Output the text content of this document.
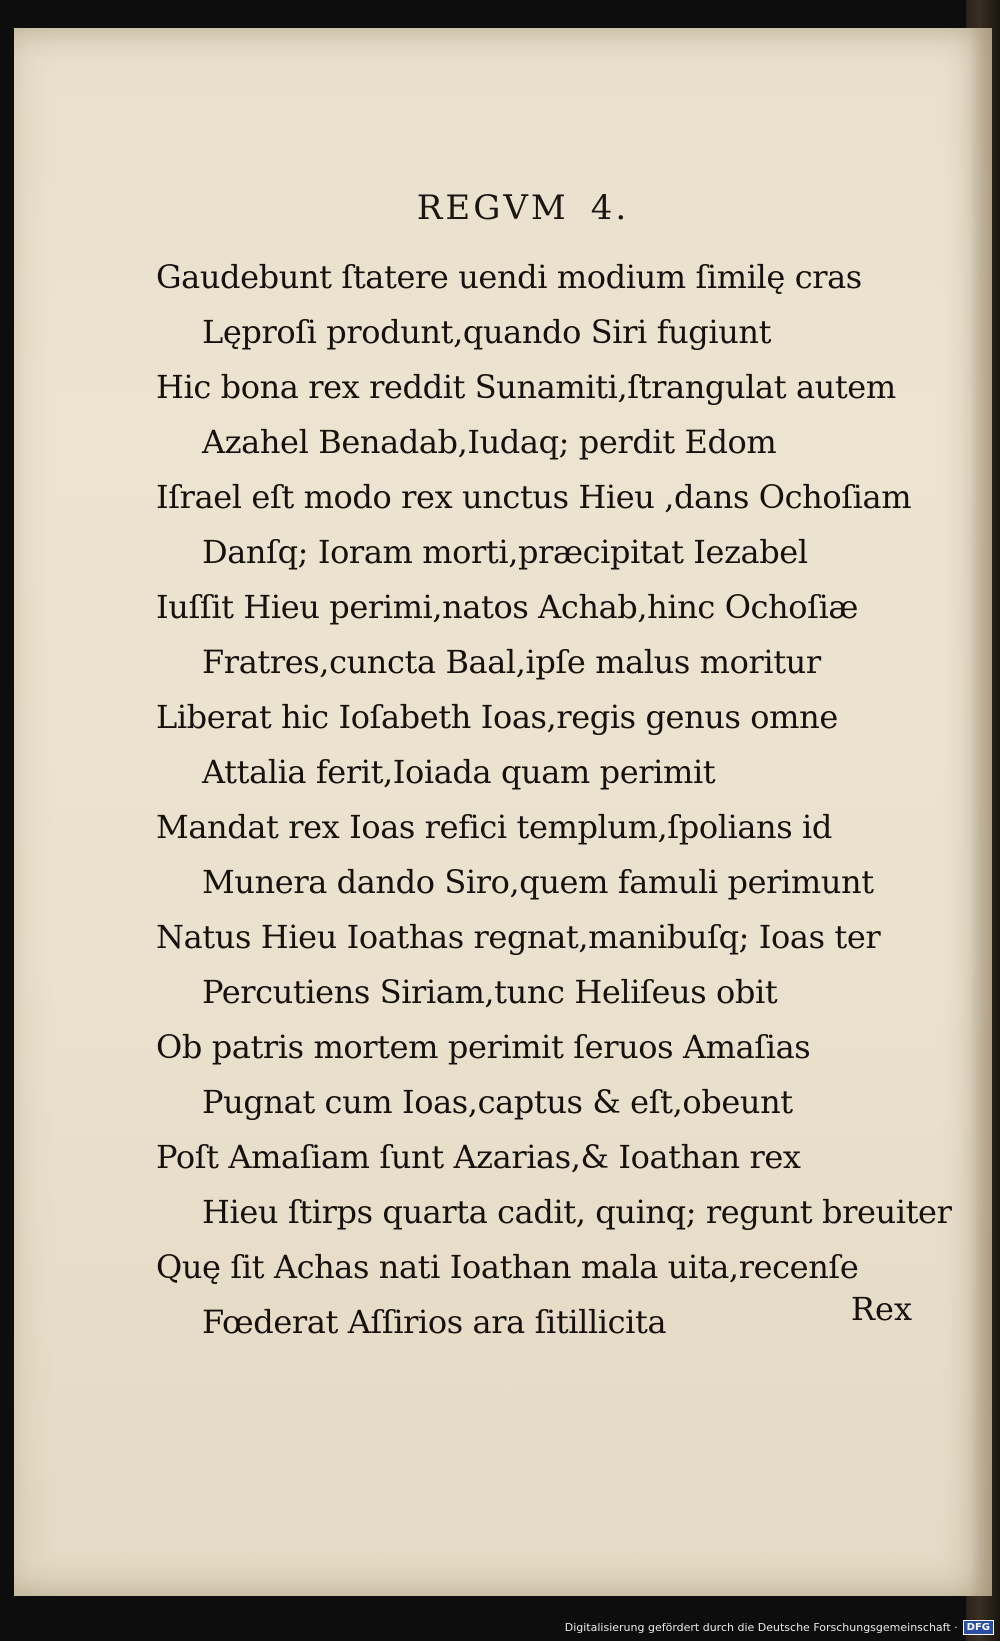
REGVM 4.
Gaudebunt ſtatere uendi modium ſimilę cras
Lęproſi produnt,quando Siri fugiunt
Hic bona rex reddit Sunamiti,ſtrangulat autem
Azahel Benadab,Iudaq; perdit Edom
Iſrael eſt modo rex unctus Hieu ,dans Ochoſiam
Danſq; Ioram morti,præcipitat Iezabel
Iuſſit Hieu perimi,natos Achab,hinc Ochoſiæ
Fratres,cuncta Baal,ipſe malus moritur
Liberat hic Ioſabeth Ioas,regis genus omne
Attalia ferit,Ioiada quam perimit
Mandat rex Ioas refici templum,ſpolians id
Munera dando Siro,quem famuli perimunt
Natus Hieu Ioathas regnat,manibuſq; Ioas ter
Percutiens Siriam,tunc Heliſeus obit
Ob patris mortem perimit ſeruos Amaſias
Pugnat cum Ioas,captus & eſt,obeunt
Poſt Amaſiam ſunt Azarias,& Ioathan rex
Hieu ſtirps quarta cadit, quinq; regunt breuiter
Quę ſit Achas nati Ioathan mala uita,recenſe
Fœderat Aſſirios ara ſitillicita	Rex
Digitalisierung gefördert durch die Deutsche Forschungsgemeinschaft · DFG
